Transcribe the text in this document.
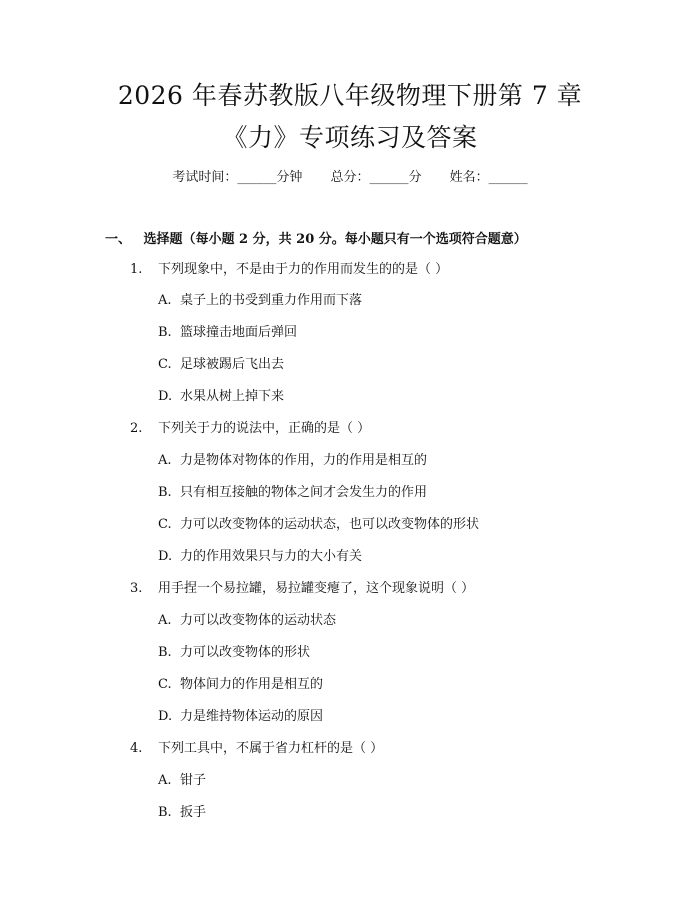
2026 年春苏教版八年级物理下册第 7 章
《力》专项练习及答案
考试时间：______分钟 总分：______分 姓名：______
一、 选择题（每小题 2 分，共 20 分。每小题只有一个选项符合题意）
1. 下列现象中，不是由于力的作用而发生的的是（ ）
A. 桌子上的书受到重力作用而下落
B. 篮球撞击地面后弹回
C. 足球被踢后飞出去
D. 水果从树上掉下来
2. 下列关于力的说法中，正确的是（ ）
A. 力是物体对物体的作用，力的作用是相互的
B. 只有相互接触的物体之间才会发生力的作用
C. 力可以改变物体的运动状态，也可以改变物体的形状
D. 力的作用效果只与力的大小有关
3. 用手捏一个易拉罐，易拉罐变瘪了，这个现象说明（ ）
A. 力可以改变物体的运动状态
B. 力可以改变物体的形状
C. 物体间力的作用是相互的
D. 力是维持物体运动的原因
4. 下列工具中，不属于省力杠杆的是（ ）
A. 钳子
B. 扳手
